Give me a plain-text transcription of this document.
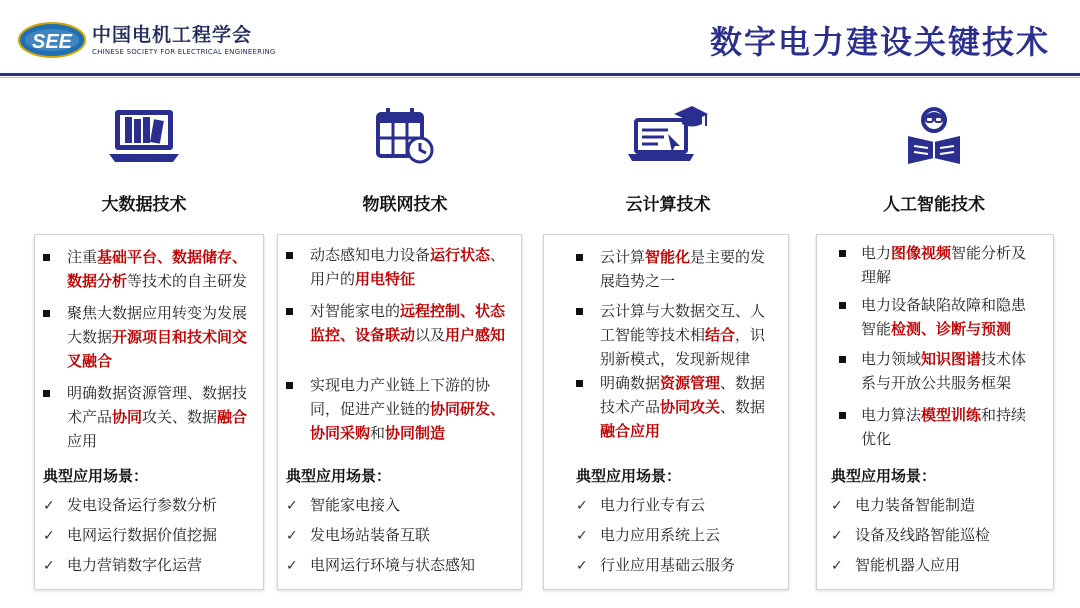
SEE 中国电机工程学会
CHINESE SOCIETY FOR ELECTRICAL ENGINEERING	数字电力建设关键技术
大数据技术
注重基础平台、数据储存、数据分析等技术的自主研发
聚焦大数据应用转变为发展大数据开源项目和技术间交叉融合
明确数据资源管理、数据技术产品协同攻关、数据融合应用
典型应用场景：
✓ 发电设备运行参数分析
✓ 电网运行数据价值挖掘
✓ 电力营销数字化运营
物联网技术
动态感知电力设备运行状态、用户的用电特征
对智能家电的远程控制、状态监控、设备联动以及用户感知
实现电力产业链上下游的协同，促进产业链的协同研发、协同采购和协同制造
典型应用场景：
✓ 智能家电接入
✓ 发电场站装备互联
✓ 电网运行环境与状态感知
云计算技术
云计算智能化是主要的发展趋势之一
云计算与大数据交互、人工智能等技术相结合，识别新模式，发现新规律
明确数据资源管理、数据技术产品协同攻关、数据融合应用
典型应用场景：
✓ 电力行业专有云
✓ 电力应用系统上云
✓ 行业应用基础云服务
人工智能技术
电力图像视频智能分析及理解
电力设备缺陷故障和隐患智能检测、诊断与预测
电力领域知识图谱技术体系与开放公共服务框架
电力算法模型训练和持续优化
典型应用场景：
✓ 电力装备智能制造
✓ 设备及线路智能巡检
✓ 智能机器人应用
